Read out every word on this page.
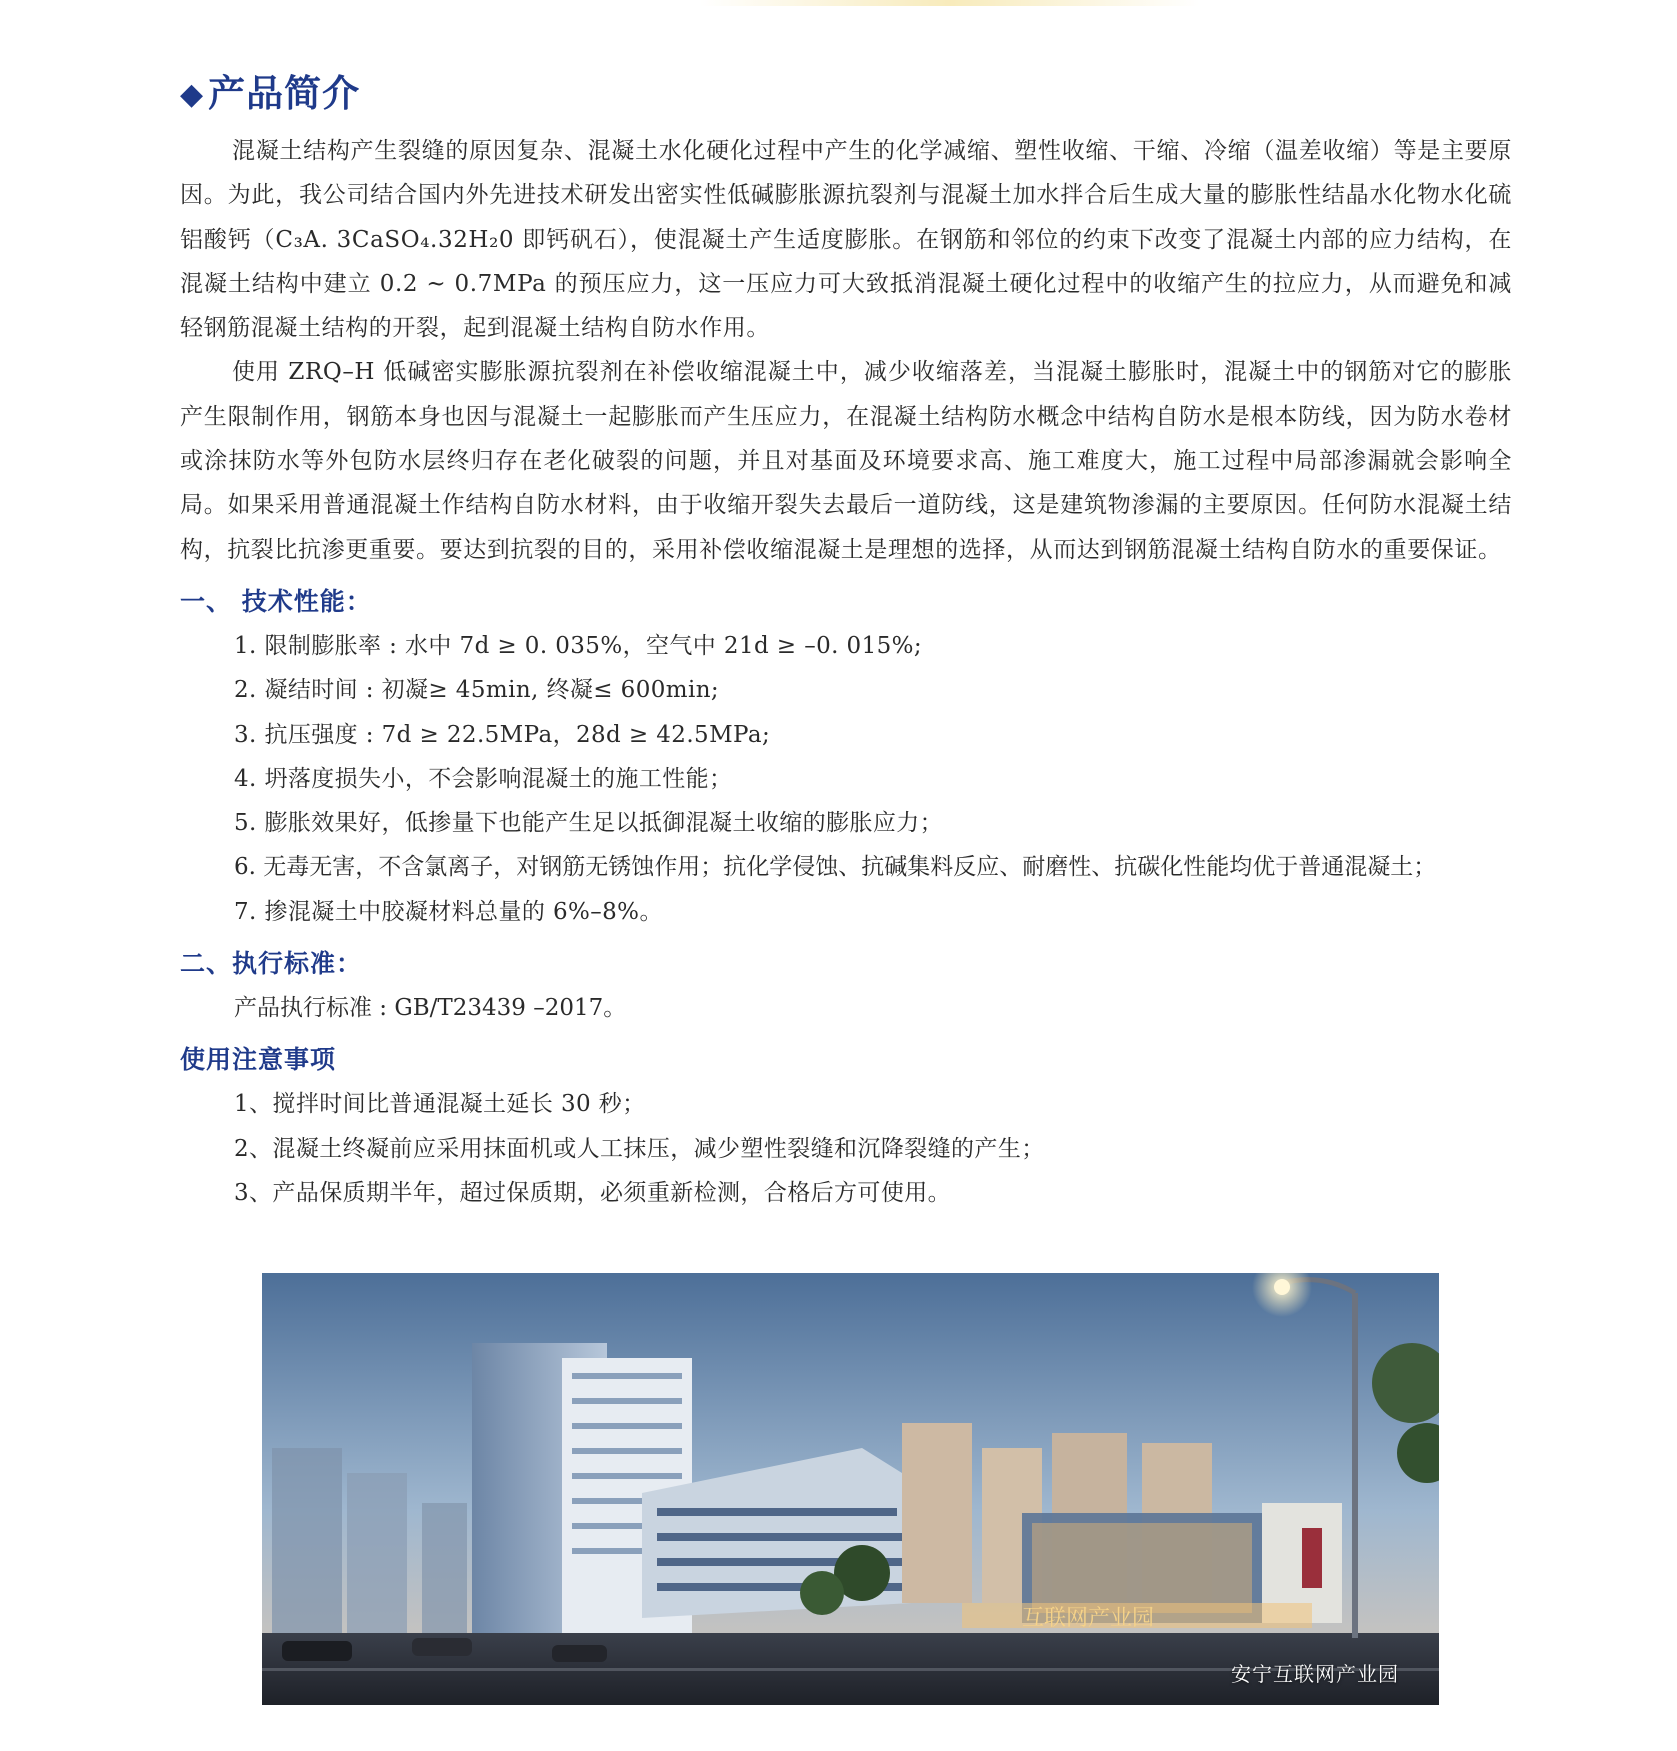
◆ 产品简介

混凝土结构产生裂缝的原因复杂、混凝土水化硬化过程中产生的化学减缩、塑性收缩、干缩、冷缩（温差收缩）等是主要原因。为此，我公司结合国内外先进技术研发出密实性低碱膨胀源抗裂剂与混凝土加水拌合后生成大量的膨胀性结晶水化物水化硫铝酸钙（C₃A. 3CaSO₄.32H₂0 即钙矾石），使混凝土产生适度膨胀。在钢筋和邻位的约束下改变了混凝土内部的应力结构，在混凝土结构中建立 0.2 ~ 0.7MPa 的预压应力，这一压应力可大致抵消混凝土硬化过程中的收缩产生的拉应力，从而避免和减轻钢筋混凝土结构的开裂，起到混凝土结构自防水作用。

使用 ZRQ–H 低碱密实膨胀源抗裂剂在补偿收缩混凝土中，减少收缩落差，当混凝土膨胀时，混凝土中的钢筋对它的膨胀产生限制作用，钢筋本身也因与混凝土一起膨胀而产生压应力，在混凝土结构防水概念中结构自防水是根本防线，因为防水卷材或涂抹防水等外包防水层终归存在老化破裂的问题，并且对基面及环境要求高、施工难度大，施工过程中局部渗漏就会影响全局。如果采用普通混凝土作结构自防水材料，由于收缩开裂失去最后一道防线，这是建筑物渗漏的主要原因。任何防水混凝土结构，抗裂比抗渗更重要。要达到抗裂的目的，采用补偿收缩混凝土是理想的选择，从而达到钢筋混凝土结构自防水的重要保证。

一、 技术性能：
1. 限制膨胀率 : 水中 7d ≥ 0. 035%，空气中 21d ≥ –0. 015%;
2. 凝结时间 : 初凝≥ 45min, 终凝≤ 600min;
3. 抗压强度 : 7d ≥ 22.5MPa，28d ≥ 42.5MPa;
4. 坍落度损失小，不会影响混凝土的施工性能；
5. 膨胀效果好，低掺量下也能产生足以抵御混凝土收缩的膨胀应力；
6. 无毒无害，不含氯离子，对钢筋无锈蚀作用；抗化学侵蚀、抗碱集料反应、耐磨性、抗碳化性能均优于普通混凝土；
7. 掺混凝土中胶凝材料总量的 6%–8%。
二、执行标准：

产品执行标准 : GB/T23439 –2017。

使用注意事项
1、搅拌时间比普通混凝土延长 30 秒；
2、混凝土终凝前应采用抹面机或人工抹压，减少塑性裂缝和沉降裂缝的产生；
3、产品保质期半年，超过保质期，必须重新检测，合格后方可使用。
互联网产业园
安宁互联网产业园
